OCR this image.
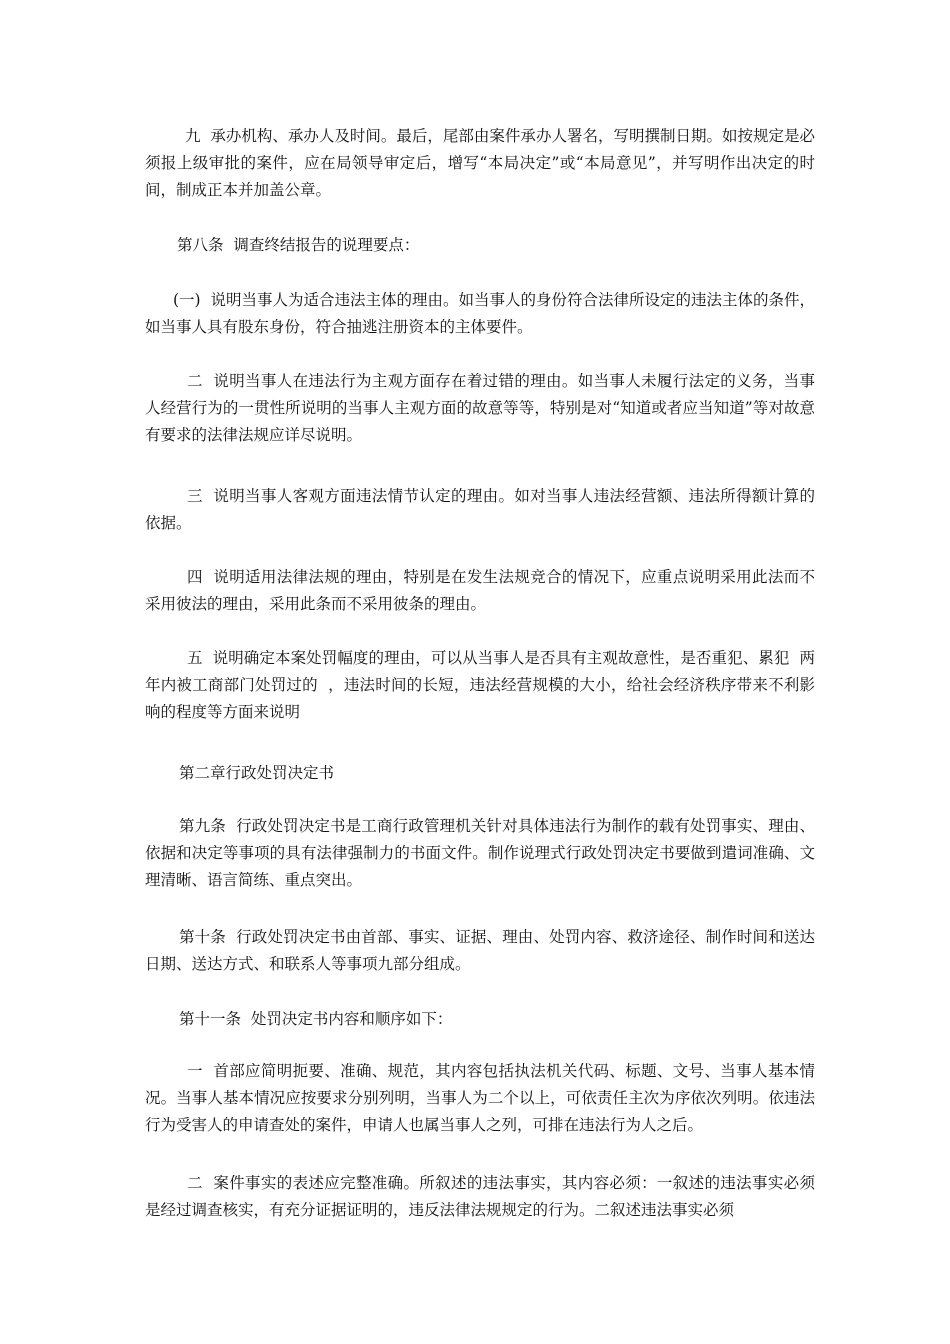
九  承办机构、承办人及时间。最后，尾部由案件承办人署名，写明撰制日期。如按规定是必须报上级审批的案件，应在局领导审定后，增写“本局决定”或“本局意见”，并写明作出决定的时间，制成正本并加盖公章。

第八条  调查终结报告的说理要点：

(一)  说明当事人为适合违法主体的理由。如当事人的身份符合法律所设定的违法主体的条件，如当事人具有股东身份，符合抽逃注册资本的主体要件。

二  说明当事人在违法行为主观方面存在着过错的理由。如当事人未履行法定的义务，当事人经营行为的一贯性所说明的当事人主观方面的故意等等，特别是对“知道或者应当知道”等对故意有要求的法律法规应详尽说明。

三  说明当事人客观方面违法情节认定的理由。如对当事人违法经营额、违法所得额计算的依据。

四  说明适用法律法规的理由，特别是在发生法规竞合的情况下，应重点说明采用此法而不采用彼法的理由，采用此条而不采用彼条的理由。

五  说明确定本案处罚幅度的理由，可以从当事人是否具有主观故意性，是否重犯、累犯  两年内被工商部门处罚过的  ，违法时间的长短，违法经营规模的大小，给社会经济秩序带来不利影响的程度等方面来说明

第二章行政处罚决定书

第九条  行政处罚决定书是工商行政管理机关针对具体违法行为制作的载有处罚事实、理由、依据和决定等事项的具有法律强制力的书面文件。制作说理式行政处罚决定书要做到遣词准确、文理清晰、语言简练、重点突出。

第十条  行政处罚决定书由首部、事实、证据、理由、处罚内容、救济途径、制作时间和送达日期、送达方式、和联系人等事项九部分组成。

第十一条  处罚决定书内容和顺序如下：

一  首部应简明扼要、准确、规范，其内容包括执法机关代码、标题、文号、当事人基本情况。当事人基本情况应按要求分别列明，当事人为二个以上，可依责任主次为序依次列明。依违法行为受害人的申请查处的案件，申请人也属当事人之列，可排在违法行为人之后。

二  案件事实的表述应完整准确。所叙述的违法事实，其内容必须：一叙述的违法事实必须是经过调查核实，有充分证据证明的，违反法律法规规定的行为。二叙述违法事实必须
